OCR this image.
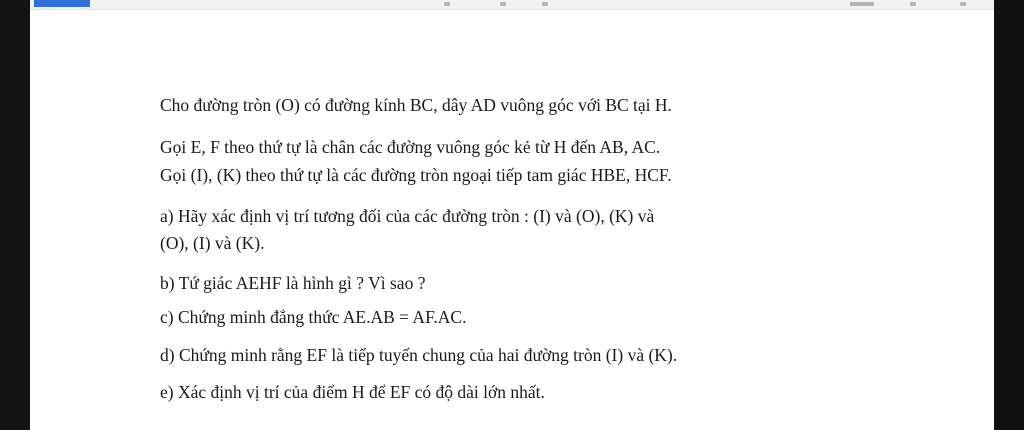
Cho đường tròn (O) có đường kính BC, dây AD vuông góc với BC tại H.
Gọi E, F theo thứ tự là chân các đường vuông góc kẻ từ H đến AB, AC.
Gọi (I), (K) theo thứ tự là các đường tròn ngoại tiếp tam giác HBE, HCF.
a) Hãy xác định vị trí tương đối của các đường tròn : (I) và (O), (K) và
(O), (I) và (K).
b) Tứ giác AEHF là hình gì ? Vì sao ?
c) Chứng minh đẳng thức AE.AB = AF.AC.
d) Chứng minh rằng EF là tiếp tuyến chung của hai đường tròn (I) và (K).
e) Xác định vị trí của điểm H để EF có độ dài lớn nhất.
